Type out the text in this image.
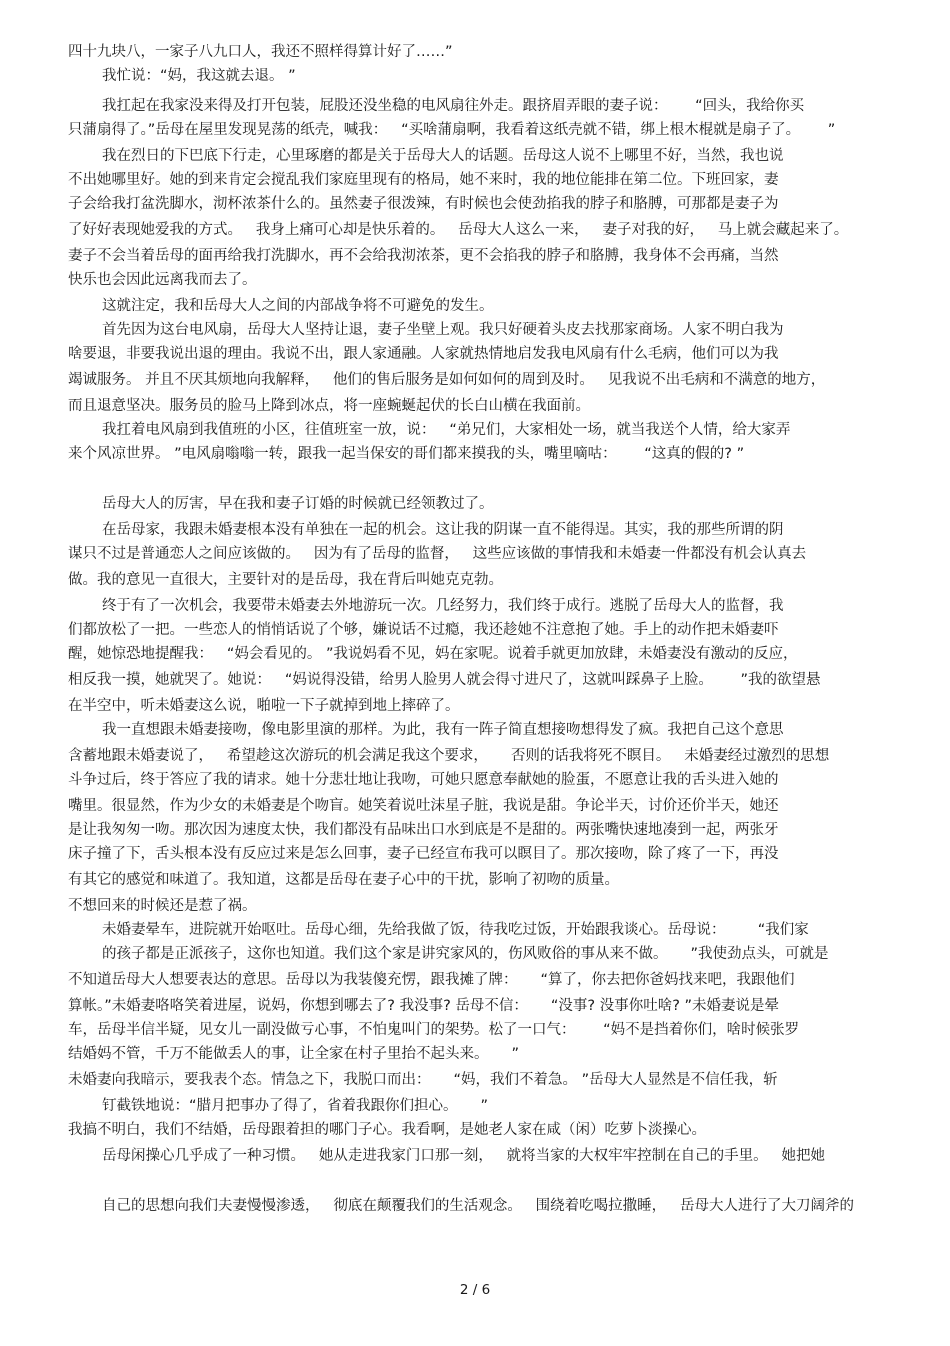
四十九块八，一家子八九口人，我还不照样得算计好了……”
我忙说：“妈，我这就去退。 ”
我扛起在我家没来得及打开包装，屁股还没坐稳的电风扇往外走。跟挤眉弄眼的妻子说：      “回头，我给你买
只蒲扇得了。”岳母在屋里发现晃荡的纸壳，喊我：   “买啥蒲扇啊，我看着这纸壳就不错，绑上根木棍就是扇子了。      ”
我在烈日的下巴底下行走，心里琢磨的都是关于岳母大人的话题。岳母这人说不上哪里不好，当然，我也说
不出她哪里好。她的到来肯定会搅乱我们家庭里现有的格局，她不来时，我的地位能排在第二位。下班回家，妻
子会给我打盆洗脚水，沏杯浓茶什么的。虽然妻子很泼辣，有时候也会使劲掐我的脖子和胳膊，可那都是妻子为
了好好表现她爱我的方式。   我身上痛可心却是快乐着的。   岳母大人这么一来，   妻子对我的好，   马上就会藏起来了。
妻子不会当着岳母的面再给我打洗脚水，再不会给我沏浓茶，更不会掐我的脖子和胳膊，我身体不会再痛，当然
快乐也会因此远离我而去了。
这就注定，我和岳母大人之间的内部战争将不可避免的发生。
首先因为这台电风扇，岳母大人坚持让退，妻子坐壁上观。我只好硬着头皮去找那家商场。人家不明白我为
啥要退，非要我说出退的理由。我说不出，跟人家通融。人家就热情地启发我电风扇有什么毛病，他们可以为我
竭诚服务。 并且不厌其烦地向我解释，   他们的售后服务是如何如何的周到及时。   见我说不出毛病和不满意的地方，
而且退意坚决。服务员的脸马上降到冰点，将一座蜿蜒起伏的长白山横在我面前。
我扛着电风扇到我值班的小区，往值班室一放，说：   “弟兄们，大家相处一场，就当我送个人情，给大家弄
来个风凉世界。 ”电风扇嗡嗡一转，跟我一起当保安的哥们都来摸我的头，嘴里嘀咕：      “这真的假的? ”
岳母大人的厉害，早在我和妻子订婚的时候就已经领教过了。
在岳母家，我跟未婚妻根本没有单独在一起的机会。这让我的阴谋一直不能得逞。其实，我的那些所谓的阴
谋只不过是普通恋人之间应该做的。   因为有了岳母的监督，   这些应该做的事情我和未婚妻一件都没有机会认真去
做。我的意见一直很大，主要针对的是岳母，我在背后叫她克克勃。
终于有了一次机会，我要带未婚妻去外地游玩一次。几经努力，我们终于成行。逃脱了岳母大人的监督，我
们都放松了一把。一些恋人的悄悄话说了个够，嫌说话不过瘾，我还趁她不注意抱了她。手上的动作把未婚妻吓
醒，她惊恐地提醒我：   “妈会看见的。 ”我说妈看不见，妈在家呢。说着手就更加放肆，未婚妻没有激动的反应，
相反我一摸，她就哭了。她说：   “妈说得没错，给男人脸男人就会得寸进尺了，这就叫踩鼻子上脸。      ”我的欲望悬
在半空中，听未婚妻这么说，啪啦一下子就掉到地上摔碎了。
我一直想跟未婚妻接吻，像电影里演的那样。为此，我有一阵子简直想接吻想得发了疯。我把自己这个意思
含蓄地跟未婚妻说了，   希望趁这次游玩的机会满足我这个要求，     否则的话我将死不瞑目。   未婚妻经过激烈的思想
斗争过后，终于答应了我的请求。她十分悲壮地让我吻，可她只愿意奉献她的脸蛋，不愿意让我的舌头进入她的
嘴里。很显然，作为少女的未婚妻是个吻盲。她笑着说吐沫星子脏，我说是甜。争论半天，讨价还价半天，她还
是让我匆匆一吻。那次因为速度太快，我们都没有品味出口水到底是不是甜的。两张嘴快速地凑到一起，两张牙
床子撞了下，舌头根本没有反应过来是怎么回事，妻子已经宣布我可以瞑目了。那次接吻，除了疼了一下，再没
有其它的感觉和味道了。我知道，这都是岳母在妻子心中的干扰，影响了初吻的质量。
不想回来的时候还是惹了祸。
未婚妻晕车，进院就开始呕吐。岳母心细，先给我做了饭，待我吃过饭，开始跟我谈心。岳母说：       “我们家
的孩子都是正派孩子，这你也知道。我们这个家是讲究家风的，伤风败俗的事从来不做。     ”我使劲点头，可就是
不知道岳母大人想要表达的意思。岳母以为我装傻充愣，跟我摊了牌：     “算了，你去把你爸妈找来吧，我跟他们
算帐。”未婚妻咯咯笑着进屋，说妈，你想到哪去了? 我没事? 岳母不信：     “没事? 没事你吐啥? ”未婚妻说是晕
车，岳母半信半疑，见女儿一副没做亏心事，不怕鬼叫门的架势。松了一口气：      “妈不是挡着你们，啥时候张罗
结婚妈不管，千万不能做丢人的事，让全家在村子里抬不起头来。     ”
未婚妻向我暗示，要我表个态。情急之下，我脱口而出：     “妈，我们不着急。 ”岳母大人显然是不信任我，斩
钉截铁地说：“腊月把事办了得了，省着我跟你们担心。     ”
我搞不明白，我们不结婚，岳母跟着担的哪门子心。我看啊，是她老人家在咸（闲）吃萝卜淡操心。
岳母闲操心几乎成了一种习惯。   她从走进我家门口那一刻，   就将当家的大权牢牢控制在自己的手里。   她把她
自己的思想向我们夫妻慢慢渗透，   彻底在颠覆我们的生活观念。   围绕着吃喝拉撒睡，   岳母大人进行了大刀阔斧的
2 / 6
